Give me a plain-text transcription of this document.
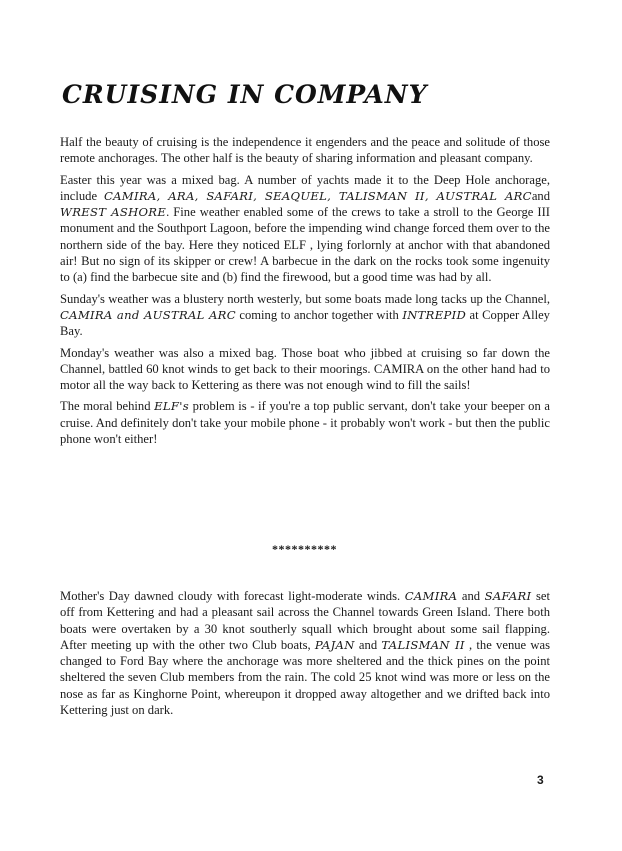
CRUISING IN COMPANY

Half the beauty of cruising is the independence it engenders and the peace and solitude of those remote anchorages. The other half is the beauty of sharing information and pleasant company.

Easter this year was a mixed bag. A number of yachts made it to the Deep Hole anchorage, include CAMIRA, ARA, SAFARI, SEAQUEL, TALISMAN II, AUSTRAL ARCand WREST ASHORE. Fine weather enabled some of the crews to take a stroll to the George III monument and the Southport Lagoon, before the impending wind change forced them over to the northern side of the bay. Here they noticed ELF , lying forlornly at anchor with that abandoned air! But no sign of its skipper or crew! A barbecue in the dark on the rocks took some ingenuity to (a) find the barbecue site and (b) find the firewood, but a good time was had by all.

Sunday's weather was a blustery north westerly, but some boats made long tacks up the Channel, CAMIRA and AUSTRAL ARC coming to anchor together with INTREPID at Copper Alley Bay.

Monday's weather was also a mixed bag. Those boat who jibbed at cruising so far down the Channel, battled 60 knot winds to get back to their moorings. CAMIRA on the other hand had to motor all the way back to Kettering as there was not enough wind to fill the sails!

The moral behind ELF's problem is - if you're a top public servant, don't take your beeper on a cruise. And definitely don't take your mobile phone - it probably won't work - but then the public phone won't either!

**********

Mother's Day dawned cloudy with forecast light-moderate winds. CAMIRA and SAFARI set off from Kettering and had a pleasant sail across the Channel towards Green Island. There both boats were overtaken by a 30 knot southerly squall which brought about some sail flapping. After meeting up with the other two Club boats, PAJAN and TALISMAN II , the venue was changed to Ford Bay where the anchorage was more sheltered and the thick pines on the point sheltered the seven Club members from the rain. The cold 25 knot wind was more or less on the nose as far as Kinghorne Point, whereupon it dropped away altogether and we drifted back into Kettering just on dark.

3
